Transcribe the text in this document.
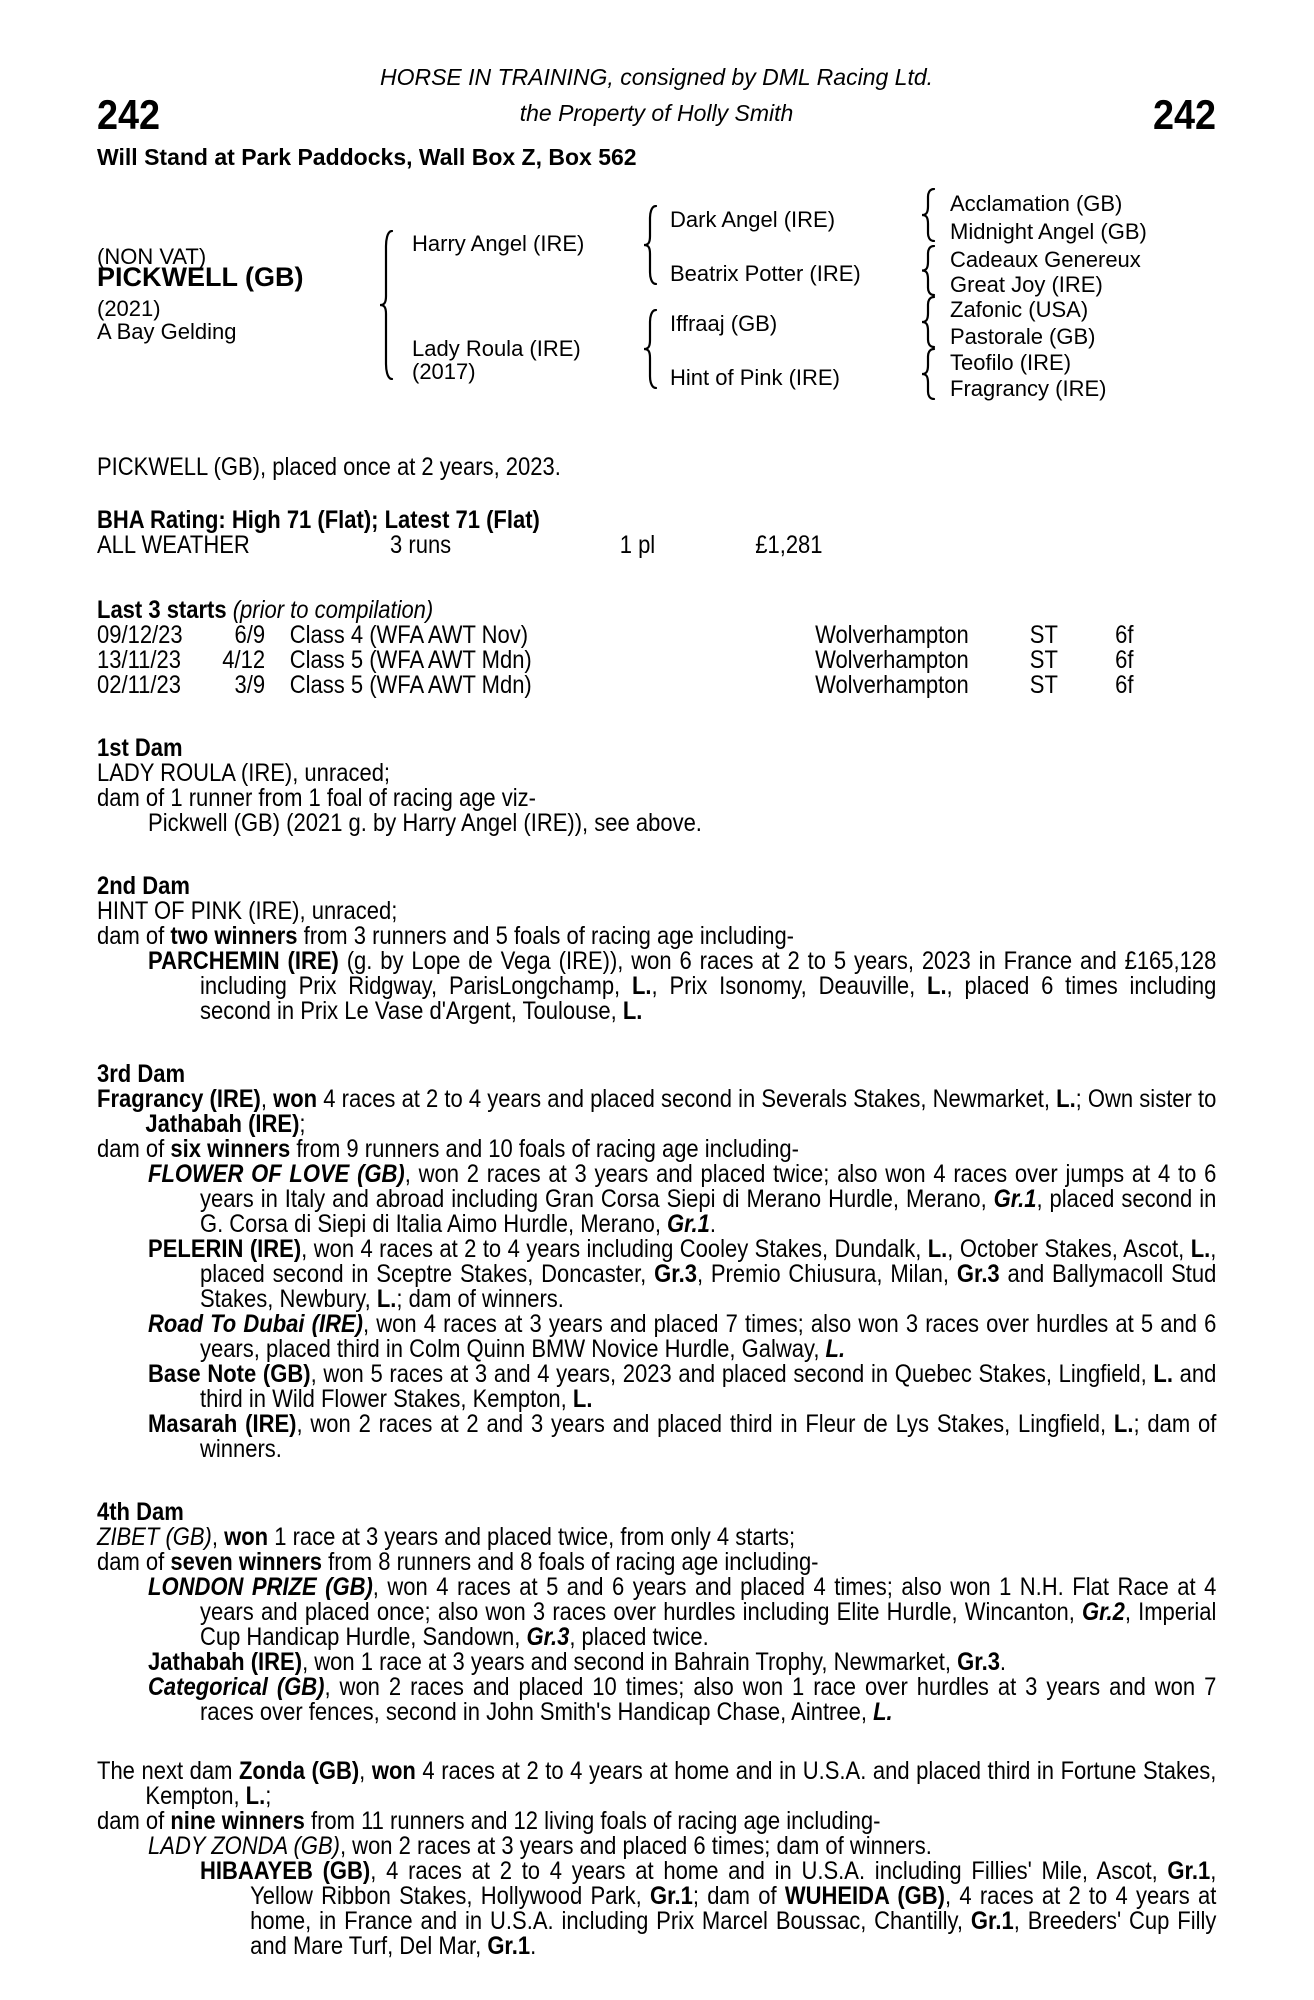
HORSE IN TRAINING, consigned by DML Racing Ltd.
242	the Property of Holly Smith	242
Will Stand at Park Paddocks, Wall Box Z, Box 562
(NON VAT)
PICKWELL (GB)
(2021)
A Bay Gelding
Harry Angel (IRE)
Lady Roula (IRE)
(2017)
Dark Angel (IRE)
Beatrix Potter (IRE)
Iffraaj (GB)
Hint of Pink (IRE)
Acclamation (GB)
Midnight Angel (GB)
Cadeaux Genereux
Great Joy (IRE)
Zafonic (USA)
Pastorale (GB)
Teofilo (IRE)
Fragrancy (IRE)
PICKWELL (GB), placed once at 2 years, 2023.
BHA Rating: High 71 (Flat); Latest 71 (Flat)
ALL WEATHER	3 runs	1 pl	£1,281
Last 3 starts (prior to compilation)
09/12/23	6/9 Class 4 (WFA AWT Nov)	Wolverhampton	ST	6f
13/11/23	4/12 Class 5 (WFA AWT Mdn)	Wolverhampton	ST	6f
02/11/23	3/9 Class 5 (WFA AWT Mdn)	Wolverhampton	ST	6f
1st Dam
LADY ROULA (IRE), unraced;
dam of 1 runner from 1 foal of racing age viz-
Pickwell (GB) (2021 g. by Harry Angel (IRE)), see above.
2nd Dam
HINT OF PINK (IRE), unraced;
dam of two winners from 3 runners and 5 foals of racing age including-
PARCHEMIN (IRE) (g. by Lope de Vega (IRE)), won 6 races at 2 to 5 years, 2023 in France and £165,128 including Prix Ridgway, ParisLongchamp, L., Prix Isonomy, Deauville, L., placed 6 times including second in Prix Le Vase d'Argent, Toulouse, L.
3rd Dam
Fragrancy (IRE), won 4 races at 2 to 4 years and placed second in Severals Stakes, Newmarket, L.; Own sister to Jathabah (IRE);
dam of six winners from 9 runners and 10 foals of racing age including-
FLOWER OF LOVE (GB), won 2 races at 3 years and placed twice; also won 4 races over jumps at 4 to 6 years in Italy and abroad including Gran Corsa Siepi di Merano Hurdle, Merano, Gr.1, placed second in G. Corsa di Siepi di Italia Aimo Hurdle, Merano, Gr.1.
PELERIN (IRE), won 4 races at 2 to 4 years including Cooley Stakes, Dundalk, L., October Stakes, Ascot, L., placed second in Sceptre Stakes, Doncaster, Gr.3, Premio Chiusura, Milan, Gr.3 and Ballymacoll Stud Stakes, Newbury, L.; dam of winners.
Road To Dubai (IRE), won 4 races at 3 years and placed 7 times; also won 3 races over hurdles at 5 and 6 years, placed third in Colm Quinn BMW Novice Hurdle, Galway, L.
Base Note (GB), won 5 races at 3 and 4 years, 2023 and placed second in Quebec Stakes, Lingfield, L. and third in Wild Flower Stakes, Kempton, L.
Masarah (IRE), won 2 races at 2 and 3 years and placed third in Fleur de Lys Stakes, Lingfield, L.; dam of winners.
4th Dam
ZIBET (GB), won 1 race at 3 years and placed twice, from only 4 starts;
dam of seven winners from 8 runners and 8 foals of racing age including-
LONDON PRIZE (GB), won 4 races at 5 and 6 years and placed 4 times; also won 1 N.H. Flat Race at 4 years and placed once; also won 3 races over hurdles including Elite Hurdle, Wincanton, Gr.2, Imperial Cup Handicap Hurdle, Sandown, Gr.3, placed twice.
Jathabah (IRE), won 1 race at 3 years and second in Bahrain Trophy, Newmarket, Gr.3.
Categorical (GB), won 2 races and placed 10 times; also won 1 race over hurdles at 3 years and won 7 races over fences, second in John Smith's Handicap Chase, Aintree, L.
The next dam Zonda (GB), won 4 races at 2 to 4 years at home and in U.S.A. and placed third in Fortune Stakes, Kempton, L.;
dam of nine winners from 11 runners and 12 living foals of racing age including-
LADY ZONDA (GB), won 2 races at 3 years and placed 6 times; dam of winners.
HIBAAYEB (GB), 4 races at 2 to 4 years at home and in U.S.A. including Fillies' Mile, Ascot, Gr.1, Yellow Ribbon Stakes, Hollywood Park, Gr.1; dam of WUHEIDA (GB), 4 races at 2 to 4 years at home, in France and in U.S.A. including Prix Marcel Boussac, Chantilly, Gr.1, Breeders' Cup Filly and Mare Turf, Del Mar, Gr.1.
